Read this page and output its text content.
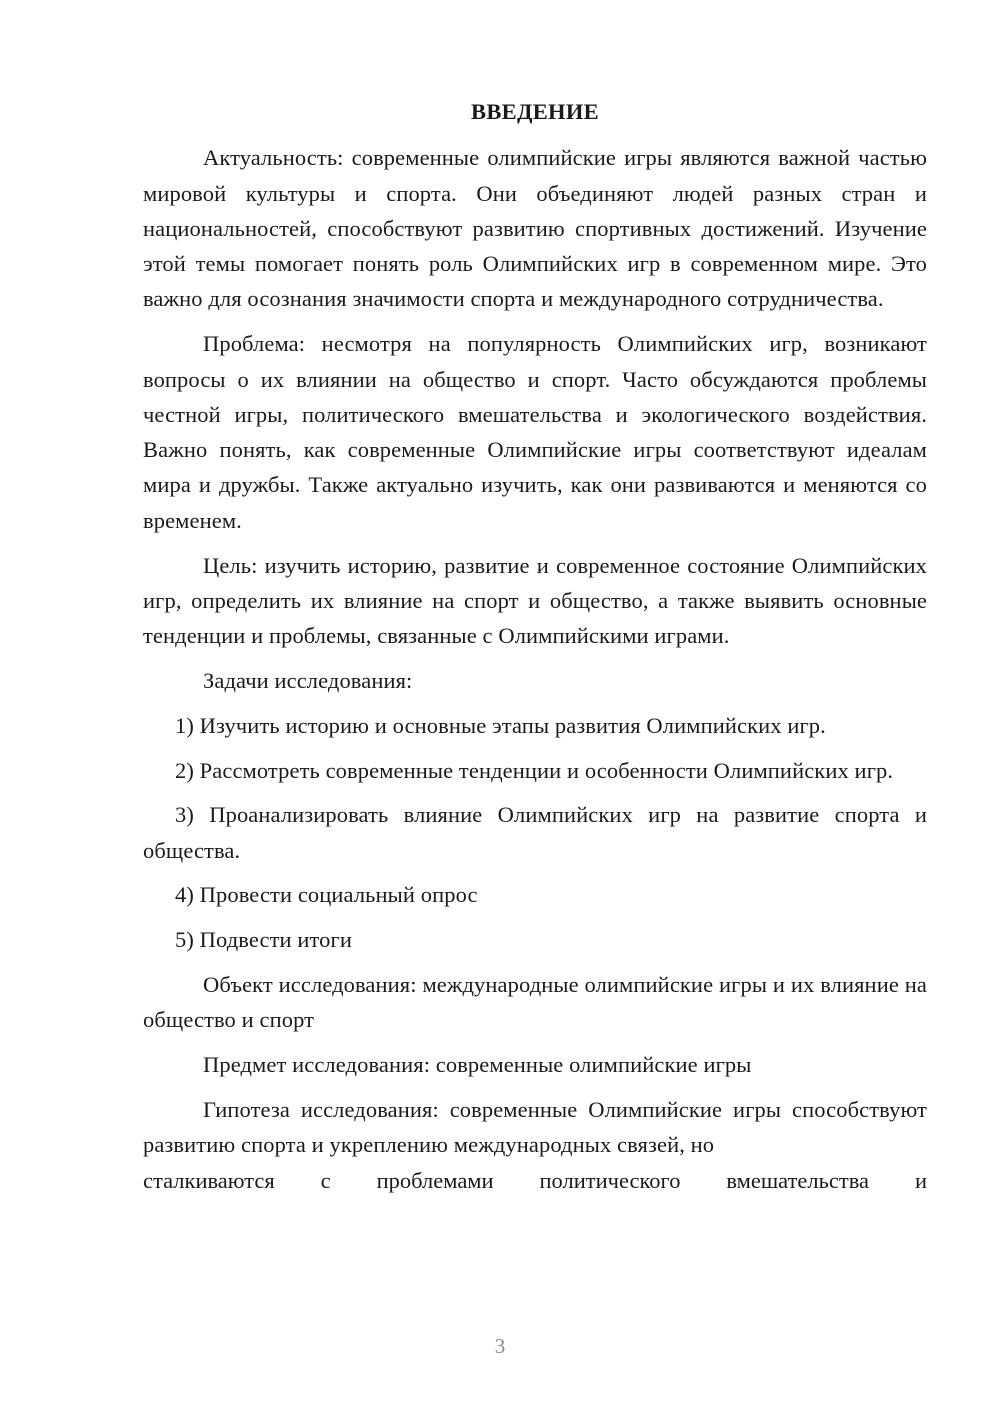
ВВЕДЕНИЕ

Актуальность: современные олимпийские игры являются важной частью мировой культуры и спорта. Они объединяют людей разных стран и национальностей, способствуют развитию спортивных достижений. Изучение этой темы помогает понять роль Олимпийских игр в современном мире. Это важно для осознания значимости спорта и международного сотрудничества.

Проблема: несмотря на популярность Олимпийских игр, возникают вопросы о их влиянии на общество и спорт. Часто обсуждаются проблемы честной игры, политического вмешательства и экологического воздействия. Важно понять, как современные Олимпийские игры соответствуют идеалам мира и дружбы. Также актуально изучить, как они развиваются и меняются со временем.

Цель: изучить историю, развитие и современное состояние Олимпийских игр, определить их влияние на спорт и общество, а также выявить основные тенденции и проблемы, связанные с Олимпийскими играми.

Задачи исследования:

1) Изучить историю и основные этапы развития Олимпийских игр.

2) Рассмотреть современные тенденции и особенности Олимпийских игр.

3) Проанализировать влияние Олимпийских игр на развитие спорта и общества.

4) Провести социальный опрос

5) Подвести итоги

Объект исследования: международные олимпийские игры и их влияние на общество и спорт

Предмет исследования: современные олимпийские игры

Гипотеза исследования: современные Олимпийские игры способствуют развитию спорта и укреплению международных связей, но

сталкиваются с проблемами политического вмешательства и
3
